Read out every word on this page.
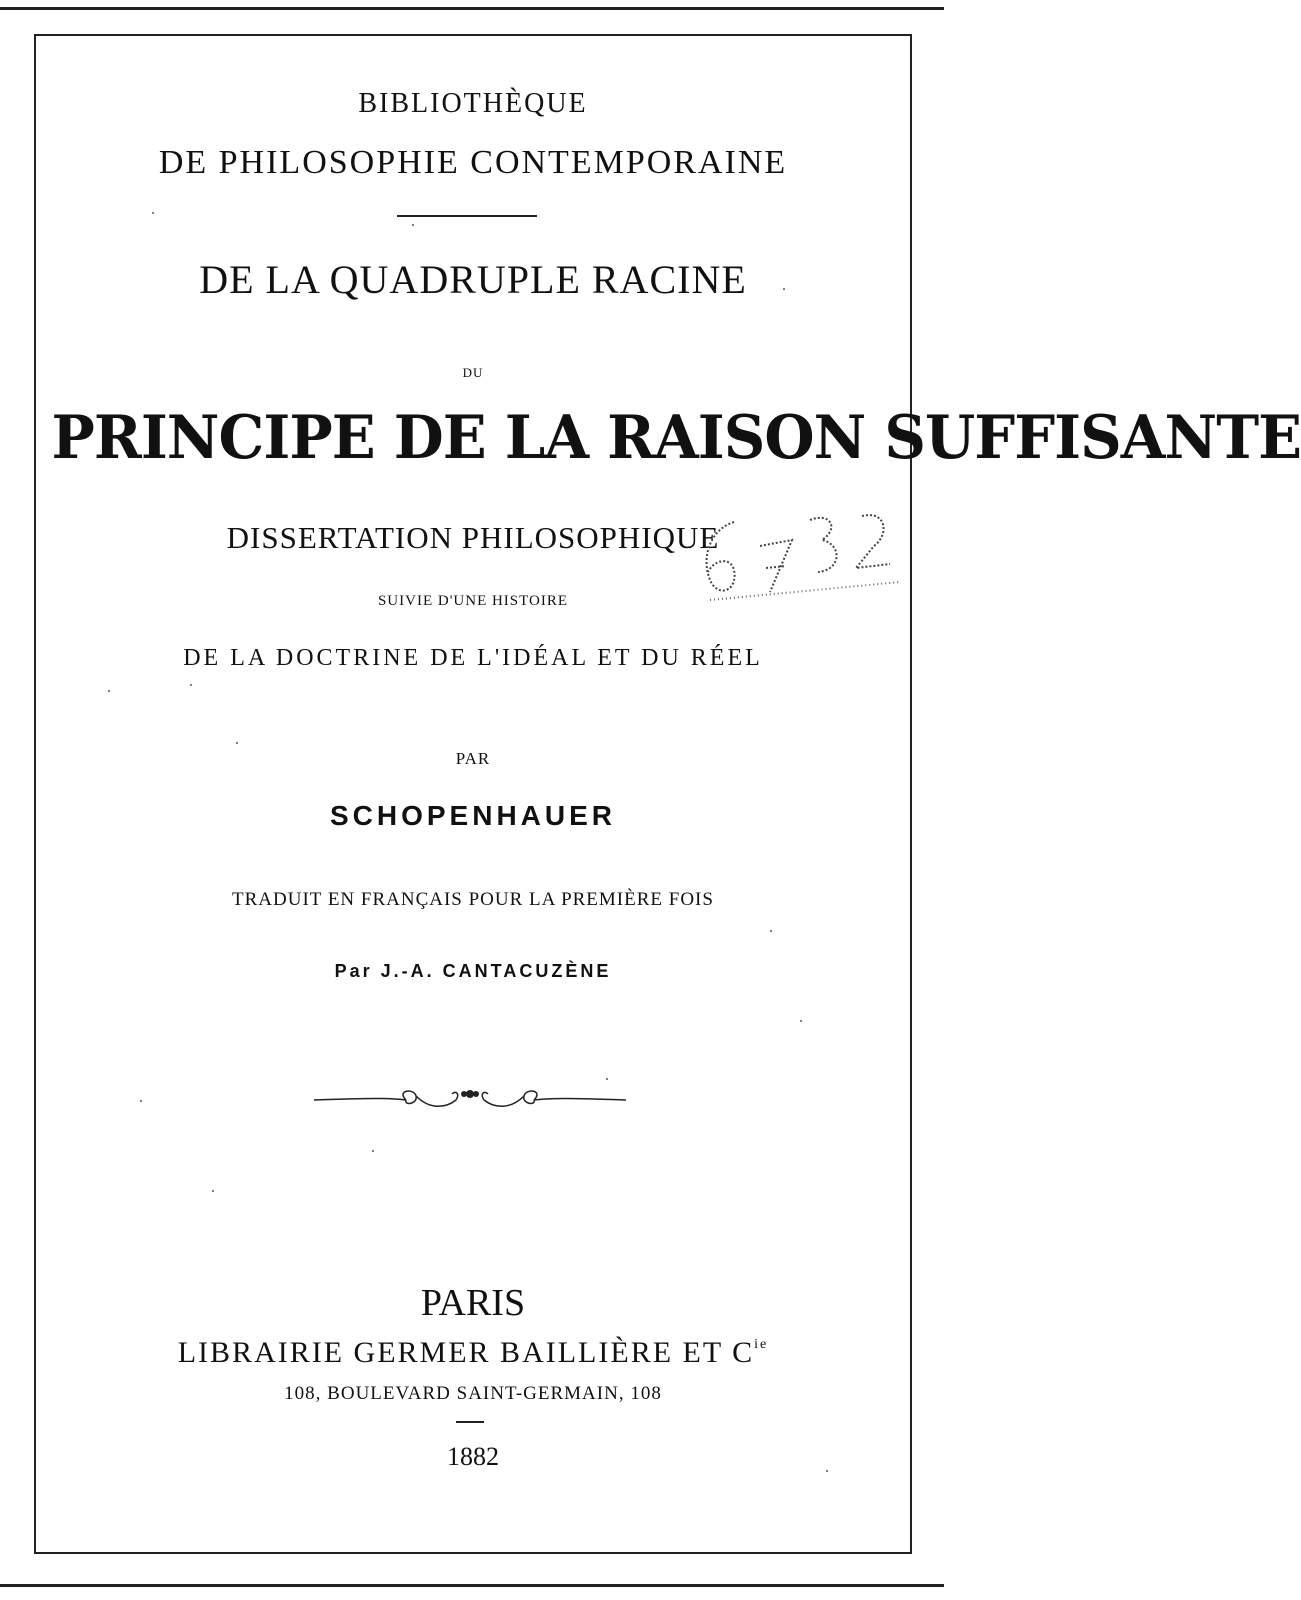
BIBLIOTHÈQUE
DE PHILOSOPHIE CONTEMPORAINE
DE LA QUADRUPLE RACINE
DU
PRINCIPE DE LA RAISON SUFFISANTE
DISSERTATION PHILOSOPHIQUE
SUIVIE D'UNE HISTOIRE
DE LA DOCTRINE DE L'IDÉAL ET DU RÉEL
PAR
SCHOPENHAUER
TRADUIT EN FRANÇAIS POUR LA PREMIÈRE FOIS
Par J.-A. CANTACUZÈNE
PARIS
LIBRAIRIE GERMER BAILLIÈRE ET $C^{ie}$
108, BOULEVARD SAINT-GERMAIN, 108
1882
